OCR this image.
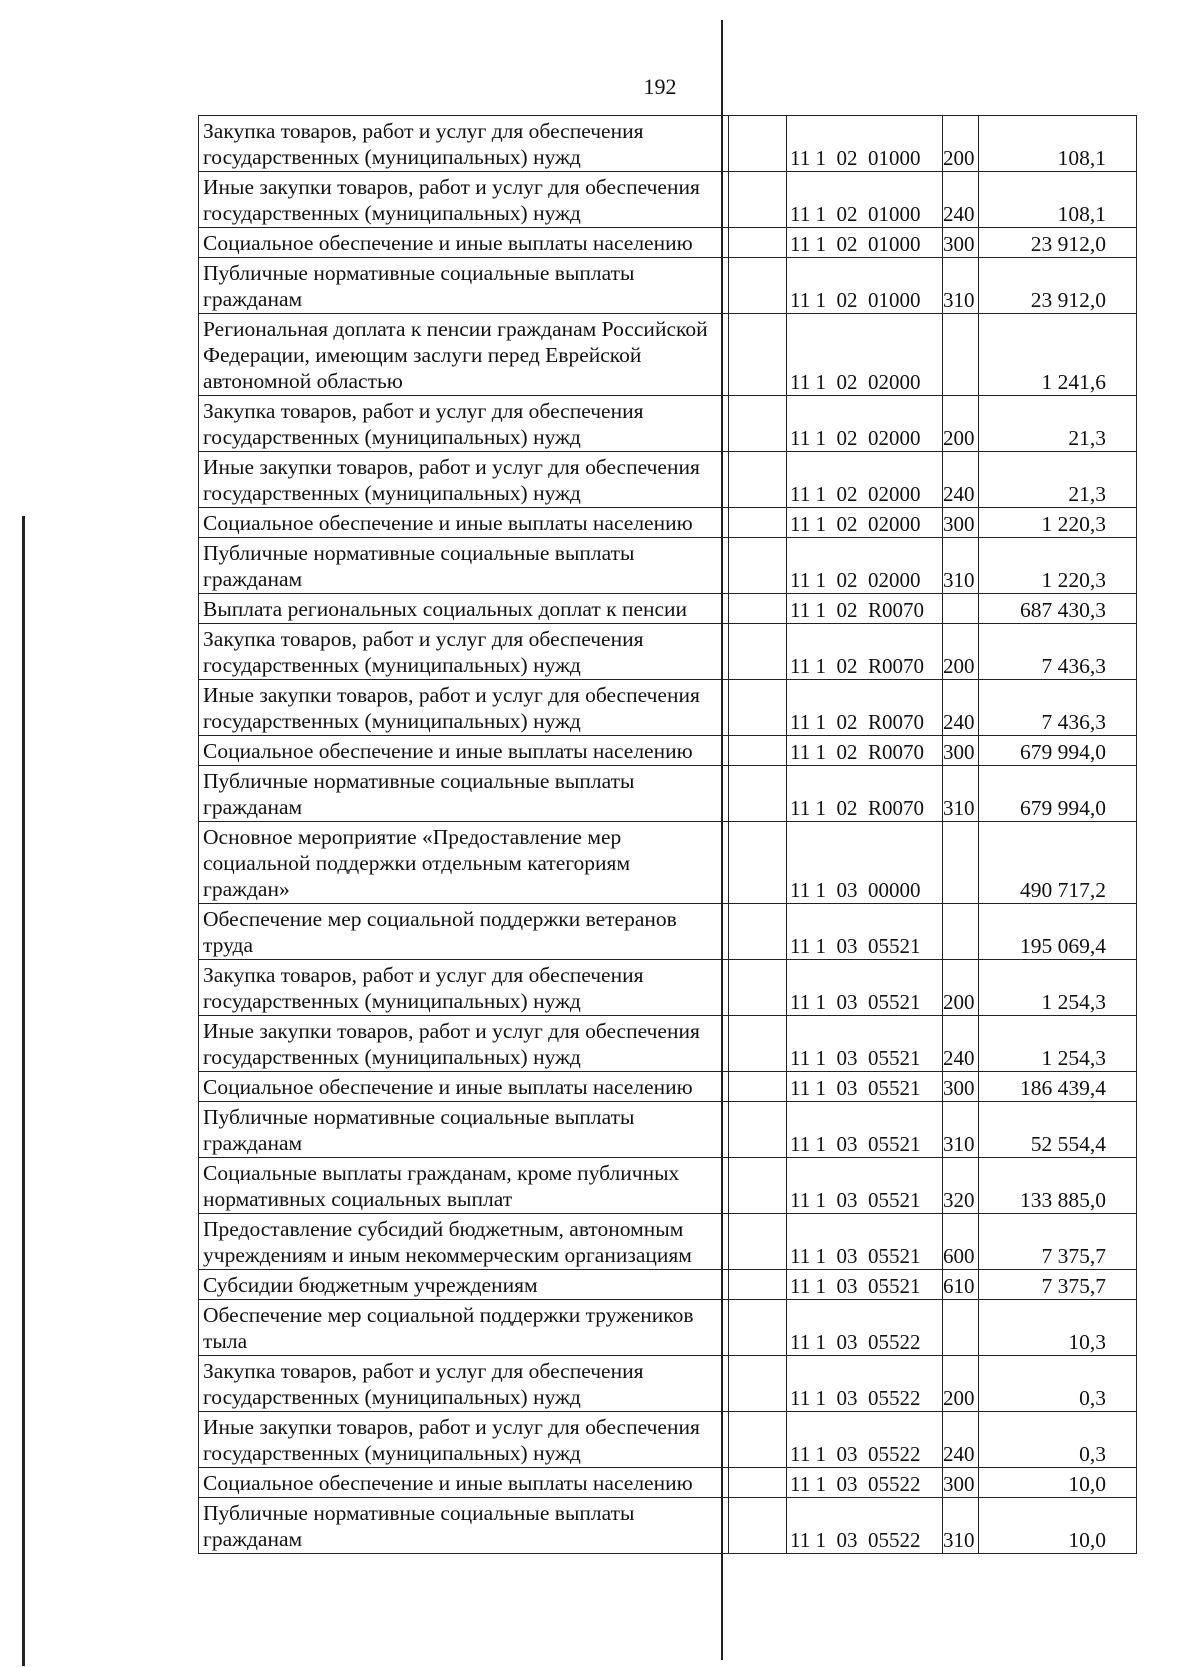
192
Закупка товаров, работ и услуг для обеспечения
государственных (муниципальных) нужд		11 1  02  01000	200	108,1
Иные закупки товаров, работ и услуг для обеспечения
государственных (муниципальных) нужд		11 1  02  01000	240	108,1
Социальное обеспечение и иные выплаты населению		11 1  02  01000	300	23 912,0
Публичные нормативные социальные выплаты
гражданам		11 1  02  01000	310	23 912,0
Региональная доплата к пенсии гражданам Российской
Федерации, имеющим заслуги перед Еврейской
автономной областью		11 1  02  02000		1 241,6
Закупка товаров, работ и услуг для обеспечения
государственных (муниципальных) нужд		11 1  02  02000	200	21,3
Иные закупки товаров, работ и услуг для обеспечения
государственных (муниципальных) нужд		11 1  02  02000	240	21,3
Социальное обеспечение и иные выплаты населению		11 1  02  02000	300	1 220,3
Публичные нормативные социальные выплаты
гражданам		11 1  02  02000	310	1 220,3
Выплата региональных социальных доплат к пенсии		11 1  02  R0070		687 430,3
Закупка товаров, работ и услуг для обеспечения
государственных (муниципальных) нужд		11 1  02  R0070	200	7 436,3
Иные закупки товаров, работ и услуг для обеспечения
государственных (муниципальных) нужд		11 1  02  R0070	240	7 436,3
Социальное обеспечение и иные выплаты населению		11 1  02  R0070	300	679 994,0
Публичные нормативные социальные выплаты
гражданам		11 1  02  R0070	310	679 994,0
Основное мероприятие «Предоставление мер
социальной поддержки отдельным категориям
граждан»		11 1  03  00000		490 717,2
Обеспечение мер социальной поддержки ветеранов
труда		11 1  03  05521		195 069,4
Закупка товаров, работ и услуг для обеспечения
государственных (муниципальных) нужд		11 1  03  05521	200	1 254,3
Иные закупки товаров, работ и услуг для обеспечения
государственных (муниципальных) нужд		11 1  03  05521	240	1 254,3
Социальное обеспечение и иные выплаты населению		11 1  03  05521	300	186 439,4
Публичные нормативные социальные выплаты
гражданам		11 1  03  05521	310	52 554,4
Социальные выплаты гражданам, кроме публичных
нормативных социальных выплат		11 1  03  05521	320	133 885,0
Предоставление субсидий бюджетным, автономным
учреждениям и иным некоммерческим организациям		11 1  03  05521	600	7 375,7
Субсидии бюджетным учреждениям		11 1  03  05521	610	7 375,7
Обеспечение мер социальной поддержки тружеников
тыла		11 1  03  05522		10,3
Закупка товаров, работ и услуг для обеспечения
государственных (муниципальных) нужд		11 1  03  05522	200	0,3
Иные закупки товаров, работ и услуг для обеспечения
государственных (муниципальных) нужд		11 1  03  05522	240	0,3
Социальное обеспечение и иные выплаты населению		11 1  03  05522	300	10,0
Публичные нормативные социальные выплаты
гражданам		11 1  03  05522	310	10,0
